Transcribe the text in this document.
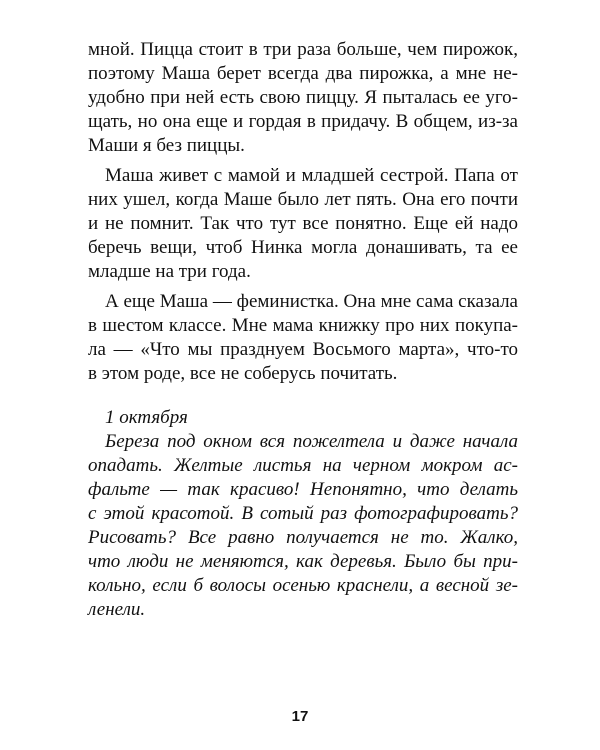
мной. Пицца стоит в три раза больше, чем пирожок,
поэтому Маша берет всегда два пирожка, а мне не-
удобно при ней есть свою пиццу. Я пыталась ее уго-
щать, но она еще и гордая в придачу. В общем, из-за
Маши я без пиццы.
Маша живет с мамой и младшей сестрой. Папа от
них ушел, когда Маше было лет пять. Она его почти
и не помнит. Так что тут все понятно. Еще ей надо
беречь вещи, чтоб Нинка могла донашивать, та ее
младше на три года.
А еще Маша — феминистка. Она мне сама сказала
в шестом классе. Мне мама книжку про них покупа-
ла — «Что мы празднуем Восьмого марта», что-то
в этом роде, все не соберусь почитать.
1 октября
Береза под окном вся пожелтела и даже начала
опадать. Желтые листья на черном мокром ас-
фальте — так красиво! Непонятно, что делать
с этой красотой. В сотый раз фотографировать?
Рисовать? Все равно получается не то. Жалко,
что люди не меняются, как деревья. Было бы при-
кольно, если б волосы осенью краснели, а весной зе-
ленели.
17
